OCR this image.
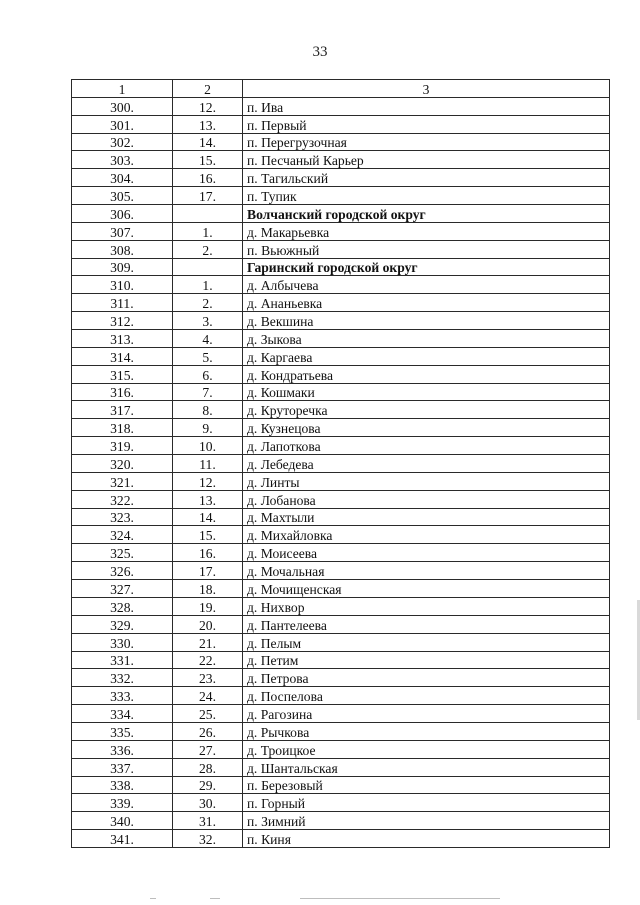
33
1	2	3
300.	12.	п. Ива
301.	13.	п. Первый
302.	14.	п. Перегрузочная
303.	15.	п. Песчаный Карьер
304.	16.	п. Тагильский
305.	17.	п. Тупик
306.		Волчанский городской округ
307.	1.	д. Макарьевка
308.	2.	п. Вьюжный
309.		Гаринский городской округ
310.	1.	д. Албычева
311.	2.	д. Ананьевка
312.	3.	д. Векшина
313.	4.	д. Зыкова
314.	5.	д. Каргаева
315.	6.	д. Кондратьева
316.	7.	д. Кошмаки
317.	8.	д. Круторечка
318.	9.	д. Кузнецова
319.	10.	д. Лапоткова
320.	11.	д. Лебедева
321.	12.	д. Линты
322.	13.	д. Лобанова
323.	14.	д. Махтыли
324.	15.	д. Михайловка
325.	16.	д. Моисеева
326.	17.	д. Мочальная
327.	18.	д. Мочищенская
328.	19.	д. Нихвор
329.	20.	д. Пантелеева
330.	21.	д. Пелым
331.	22.	д. Петим
332.	23.	д. Петрова
333.	24.	д. Поспелова
334.	25.	д. Рагозина
335.	26.	д. Рычкова
336.	27.	д. Троицкое
337.	28.	д. Шантальская
338.	29.	п. Березовый
339.	30.	п. Горный
340.	31.	п. Зимний
341.	32.	п. Киня
